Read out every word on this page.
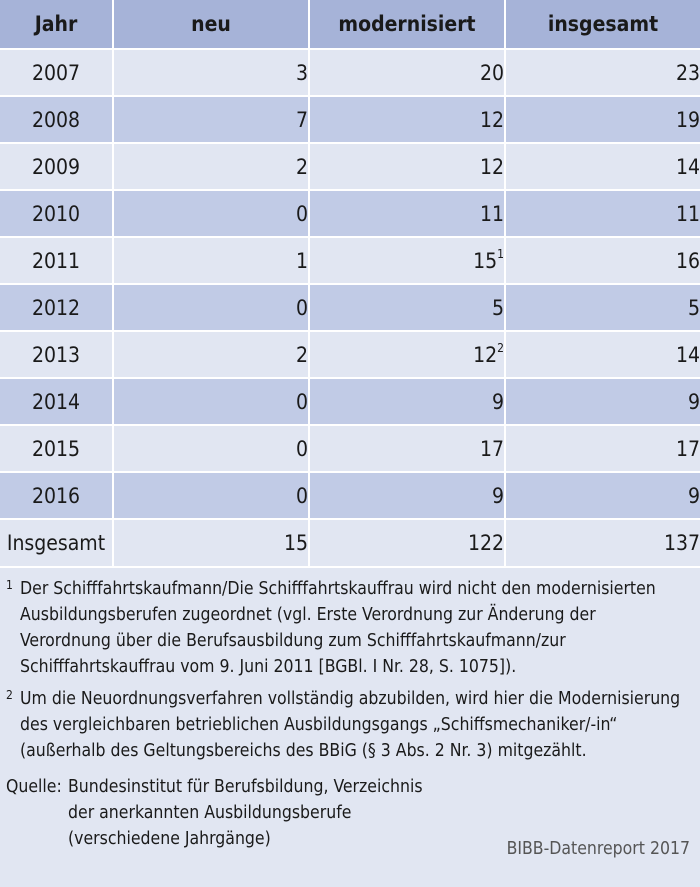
Jahr	neu	modernisiert	insgesamt
2007	3	20	23
2008	7	12	19
2009	2	12	14
2010	0	11	11
2011	1	15$^1$	16
2012	0	5	5
2013	2	12$^2$	14
2014	0	9	9
2015	0	17	17
2016	0	9	9
Insgesamt	15	122	137
1 Der Schifffahrtskaufmann/Die Schifffahrtskauffrau wird nicht den modernisierten Ausbildungsberufen zugeordnet (vgl. Erste Verordnung zur Änderung der Verordnung über die Berufsausbildung zum Schifffahrtskaufmann/zur Schifffahrtskauffrau vom 9. Juni 2011 [BGBl. I Nr. 28, S. 1075]).
2 Um die Neuordnungsverfahren vollständig abzubilden, wird hier die Modernisierung des vergleichbaren betrieblichen Ausbildungsgangs „Schiffsmechaniker/-in“ (außerhalb des Geltungsbereichs des BBiG (§ 3 Abs. 2 Nr. 3) mitgezählt.
Quelle: Bundesinstitut für Berufsbildung, Verzeichnis
der anerkannten Ausbildungsberufe
(verschiedene Jahrgänge)	BIBB-Datenreport 2017
